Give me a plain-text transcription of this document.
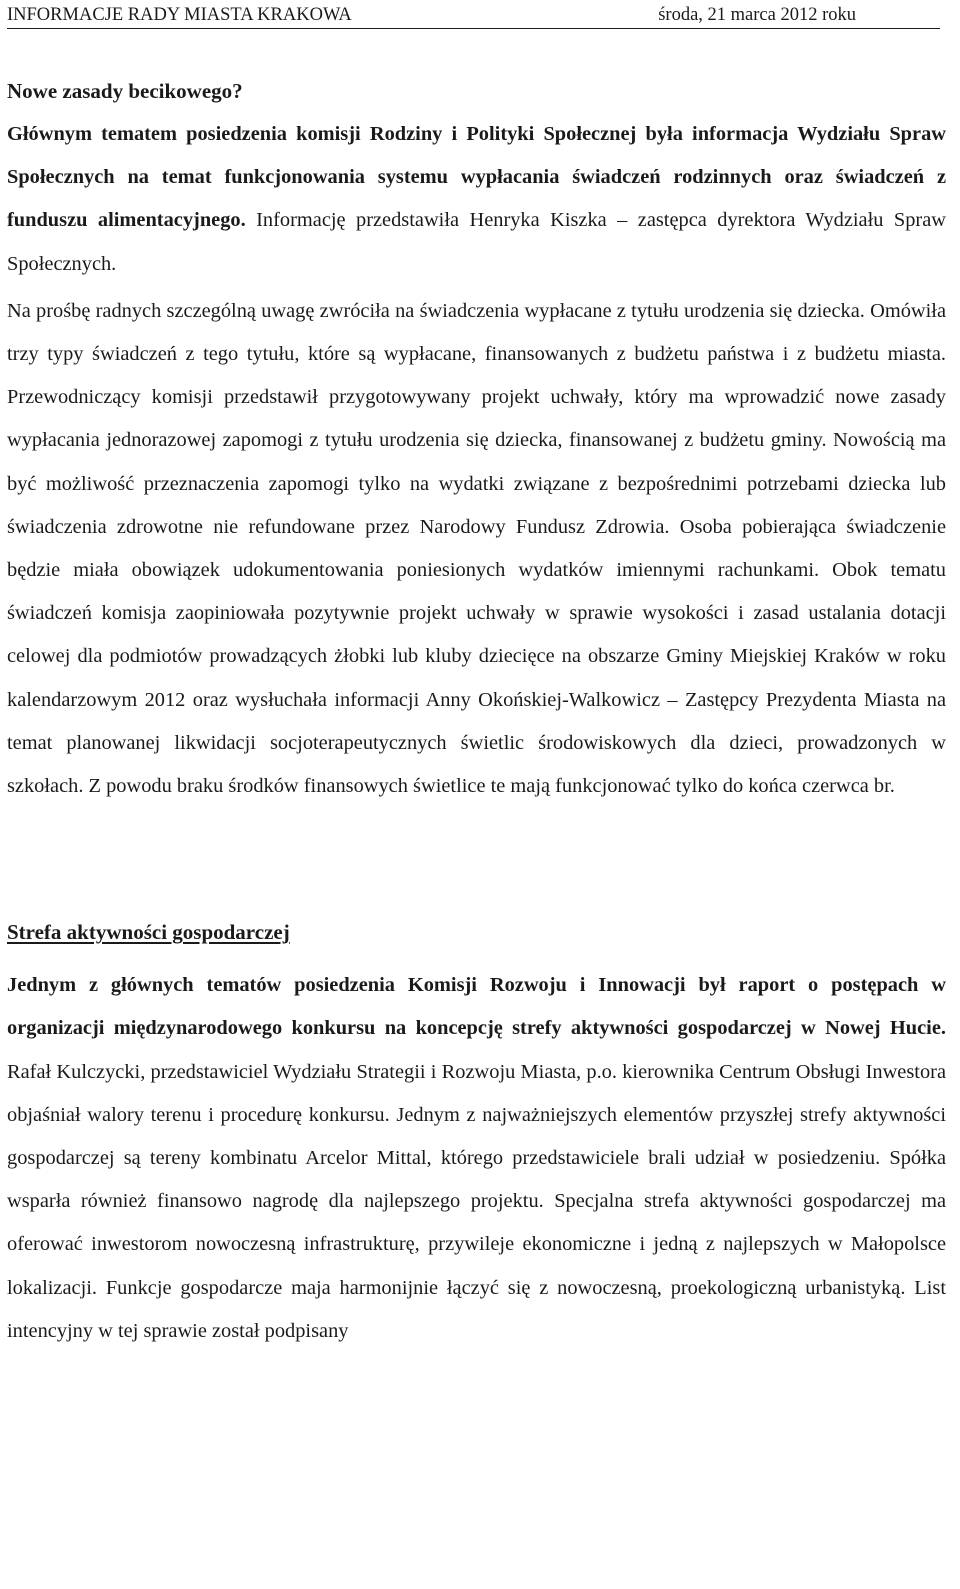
INFORMACJE RADY MIASTA KRAKOWA	środa, 21 marca 2012 roku
Nowe zasady becikowego?

Głównym tematem posiedzenia komisji Rodziny i Polityki Społecznej była informacja Wydziału Spraw Społecznych na temat funkcjonowania systemu wypłacania świadczeń rodzinnych oraz świadczeń z funduszu alimentacyjnego. Informację przedstawiła Henryka Kiszka – zastępca dyrektora Wydziału Spraw Społecznych.

Na prośbę radnych szczególną uwagę zwróciła na świadczenia wypłacane z tytułu urodzenia się dziecka. Omówiła trzy typy świadczeń z tego tytułu, które są wypłacane, finansowanych z budżetu państwa i z budżetu miasta. Przewodniczący komisji przedstawił przygotowywany projekt uchwały, który ma wprowadzić nowe zasady wypłacania jednorazowej zapomogi z tytułu urodzenia się dziecka, finansowanej z budżetu gminy. Nowością ma być możliwość przeznaczenia zapomogi tylko na wydatki związane z bezpośrednimi potrzebami dziecka lub świadczenia zdrowotne nie refundowane przez Narodowy Fundusz Zdrowia. Osoba pobierająca świadczenie będzie miała obowiązek udokumentowania poniesionych wydatków imiennymi rachunkami. Obok tematu świadczeń komisja zaopiniowała pozytywnie projekt uchwały w sprawie wysokości i zasad ustalania dotacji celowej dla podmiotów prowadzących żłobki lub kluby dziecięce na obszarze Gminy Miejskiej Kraków w roku kalendarzowym 2012 oraz wysłuchała informacji Anny Okońskiej-Walkowicz – Zastępcy Prezydenta Miasta na temat planowanej likwidacji socjoterapeutycznych świetlic środowiskowych dla dzieci, prowadzonych w szkołach. Z powodu braku środków finansowych świetlice te mają funkcjonować tylko do końca czerwca br.

Strefa aktywności gospodarczej

Jednym z głównych tematów posiedzenia Komisji Rozwoju i Innowacji był raport o postępach w organizacji międzynarodowego konkursu na koncepcję strefy aktywności gospodarczej w Nowej Hucie. Rafał Kulczycki, przedstawiciel Wydziału Strategii i Rozwoju Miasta, p.o. kierownika Centrum Obsługi Inwestora objaśniał walory terenu i procedurę konkursu. Jednym z najważniejszych elementów przyszłej strefy aktywności gospodarczej są tereny kombinatu Arcelor Mittal, którego przedstawiciele brali udział w posiedzeniu. Spółka wsparła również finansowo nagrodę dla najlepszego projektu. Specjalna strefa aktywności gospodarczej ma oferować inwestorom nowoczesną infrastrukturę, przywileje ekonomiczne i jedną z najlepszych w Małopolsce lokalizacji. Funkcje gospodarcze maja harmonijnie łączyć się z nowoczesną, proekologiczną urbanistyką. List intencyjny w tej sprawie został podpisany
